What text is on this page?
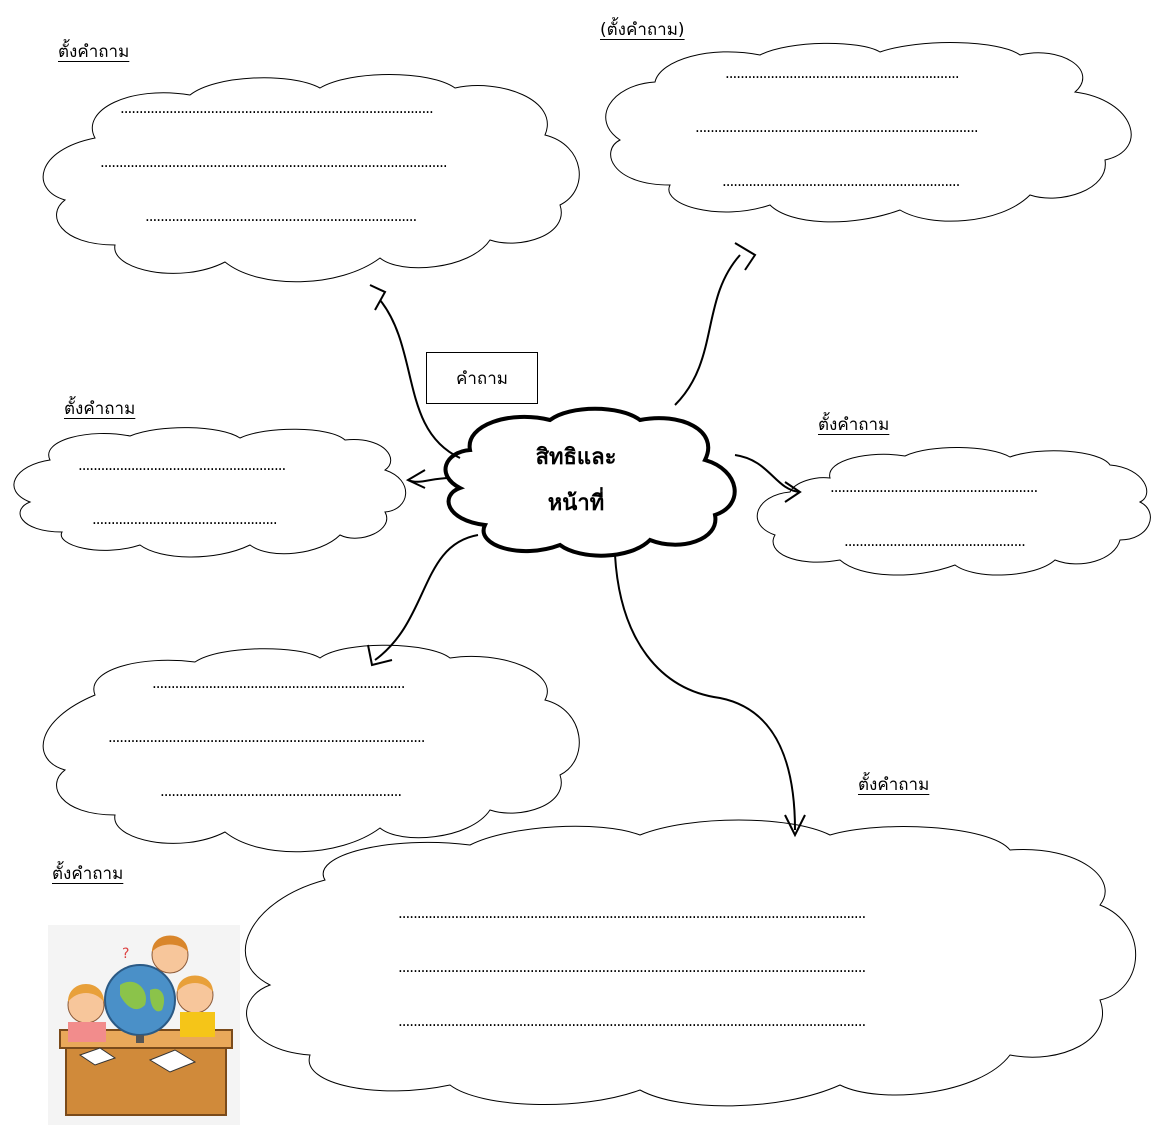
?
ตั้งคำถาม
(ตั้งคำถาม)
ตั้งคำถาม
ตั้งคำถาม
ตั้งคำถาม
ตั้งคำถาม
คำถาม
สิทธิและ
หน้าที่
...................................................................................
............................................................................................
........................................................................
..............................................................
...........................................................................
...............................................................
.......................................................
.................................................
.......................................................
................................................
...................................................................
....................................................................................
................................................................
............................................................................................................................
............................................................................................................................
............................................................................................................................
